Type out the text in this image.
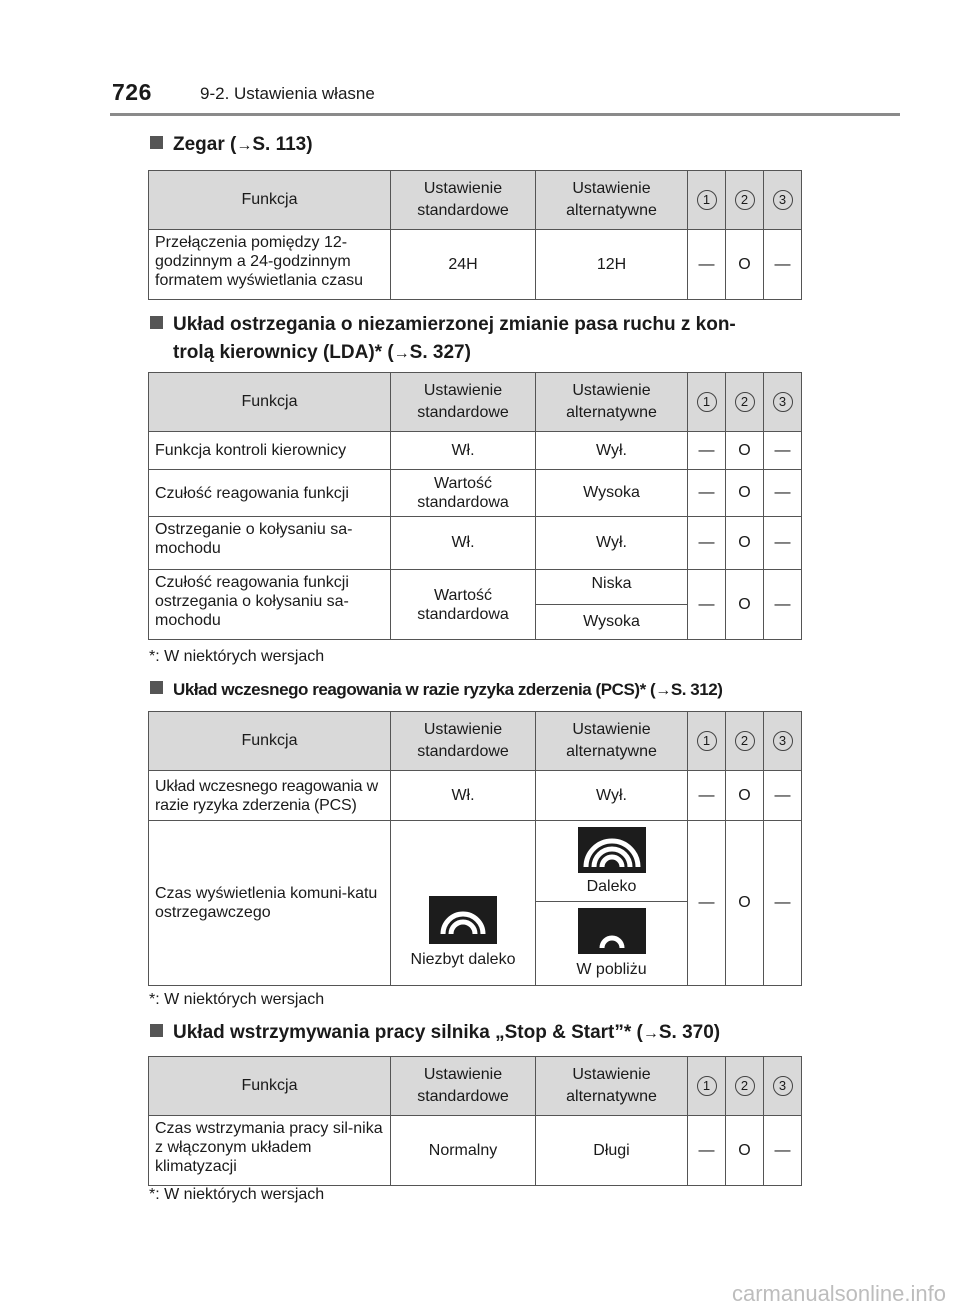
726	9-2. Ustawienia własne
Zegar (→S. 113)
Funkcja	Ustawienie standardowe	Ustawienie alternatywne	1	2	3
Przełączenia pomiędzy 12-godzinnym a 24-godzinnym formatem wyświetlania czasu	24H	12H	—	O	—
Układ ostrzegania o niezamierzonej zmianie pasa ruchu z kon-
trolą kierownicy (LDA)* (→S. 327)
Funkcja	Ustawienie standardowe	Ustawienie alternatywne	1	2	3
Funkcja kontroli kierownicy	Wł.	Wył.	—	O	—
Czułość reagowania funkcji	Wartość standardowa	Wysoka	—	O	—
Ostrzeganie o kołysaniu sa-mochodu	Wł.	Wył.	—	O	—
Czułość reagowania funkcji ostrzegania o kołysaniu sa-mochodu	Wartość standardowa	Niska	—	O	—
		Wysoka			
*: W niektórych wersjach
Układ wczesnego reagowania w razie ryzyka zderzenia (PCS)* (→S. 312)
Funkcja	Ustawienie standardowe	Ustawienie alternatywne	1	2	3
Układ wczesnego reagowania w razie ryzyka zderzenia (PCS)	Wł.	Wył.	—	O	—
Czas wyświetlenia komuni-katu ostrzegawczego	Niezbyt daleko	Daleko	—	O	—

		W pobliżu			
*: W niektórych wersjach
Układ wstrzymywania pracy silnika „Stop & Start”* (→S. 370)
Funkcja	Ustawienie standardowe	Ustawienie alternatywne	1	2	3
Czas wstrzymania pracy sil-nika z włączonym układem klimatyzacji	Normalny	Długi	—	O	—
*: W niektórych wersjach
carmanualsonline.info
